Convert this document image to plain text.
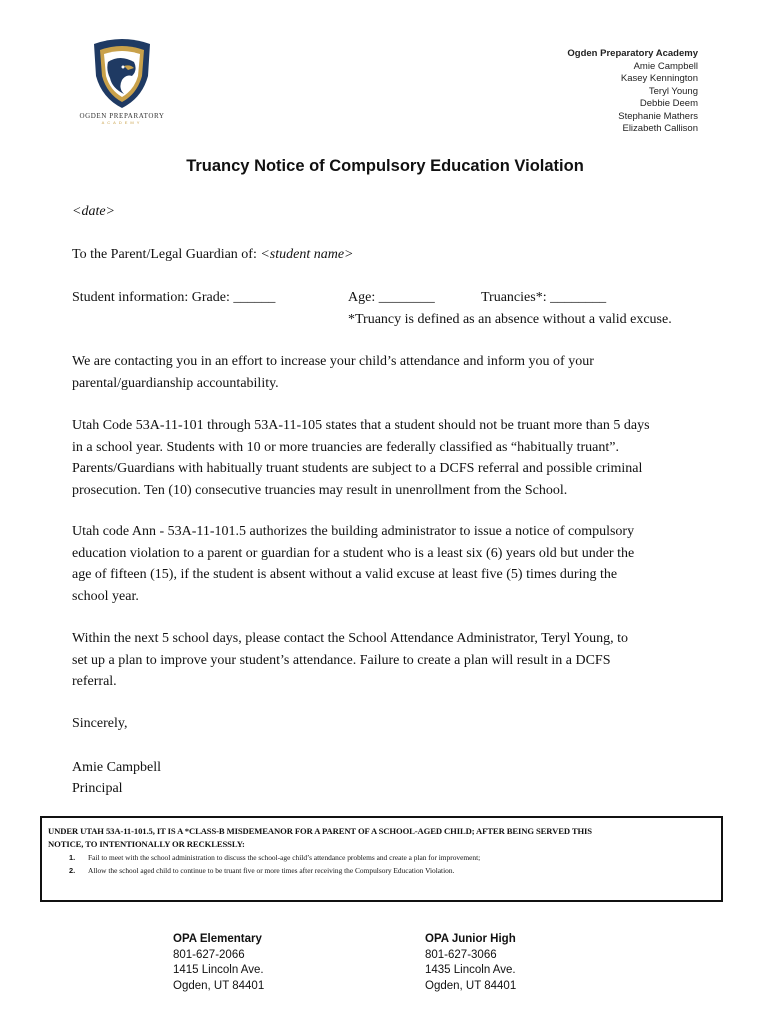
OGDEN PREPARATORY
ACADEMY
Ogden Preparatory Academy
Amie Campbell
Kasey Kennington
Teryl Young
Debbie Deem
Stephanie Mathers
Elizabeth Callison
Truancy Notice of Compulsory Education Violation
<date>
To the Parent/Legal Guardian of: <student name>
Student information: Grade: ______	Age: ________	Truancies*: ________
*Truancy is defined as an absence without a valid excuse.
We are contacting you in an effort to increase your child’s attendance and inform you of your
parental/guardianship accountability.
Utah Code 53A-11-101 through 53A-11-105 states that a student should not be truant more than 5 days
in a school year. Students with 10 or more truancies are federally classified as “habitually truant”.
Parents/Guardians with habitually truant students are subject to a DCFS referral and possible criminal
prosecution. Ten (10) consecutive truancies may result in unenrollment from the School.
Utah code Ann - 53A-11-101.5 authorizes the building administrator to issue a notice of compulsory
education violation to a parent or guardian for a student who is a least six (6) years old but under the
age of fifteen (15), if the student is absent without a valid excuse at least five (5) times during the
school year.
Within the next 5 school days, please contact the School Attendance Administrator, Teryl Young, to
set up a plan to improve your student’s attendance. Failure to create a plan will result in a DCFS
referral.
Sincerely,
Amie Campbell
Principal
UNDER UTAH 53A-11-101.5, IT IS A *CLASS-B MISDEMEANOR FOR A PARENT OF A SCHOOL-AGED CHILD; AFTER BEING SERVED THIS
NOTICE, TO INTENTIONALLY OR RECKLESSLY:
1. Fail to meet with the school administration to discuss the school-age child’s attendance problems and create a plan for improvement;
2. Allow the school aged child to continue to be truant five or more times after receiving the Compulsory Education Violation.
OPA Elementary
801-627-2066
1415 Lincoln Ave.
Ogden, UT 84401
OPA Junior High
801-627-3066
1435 Lincoln Ave.
Ogden, UT 84401
